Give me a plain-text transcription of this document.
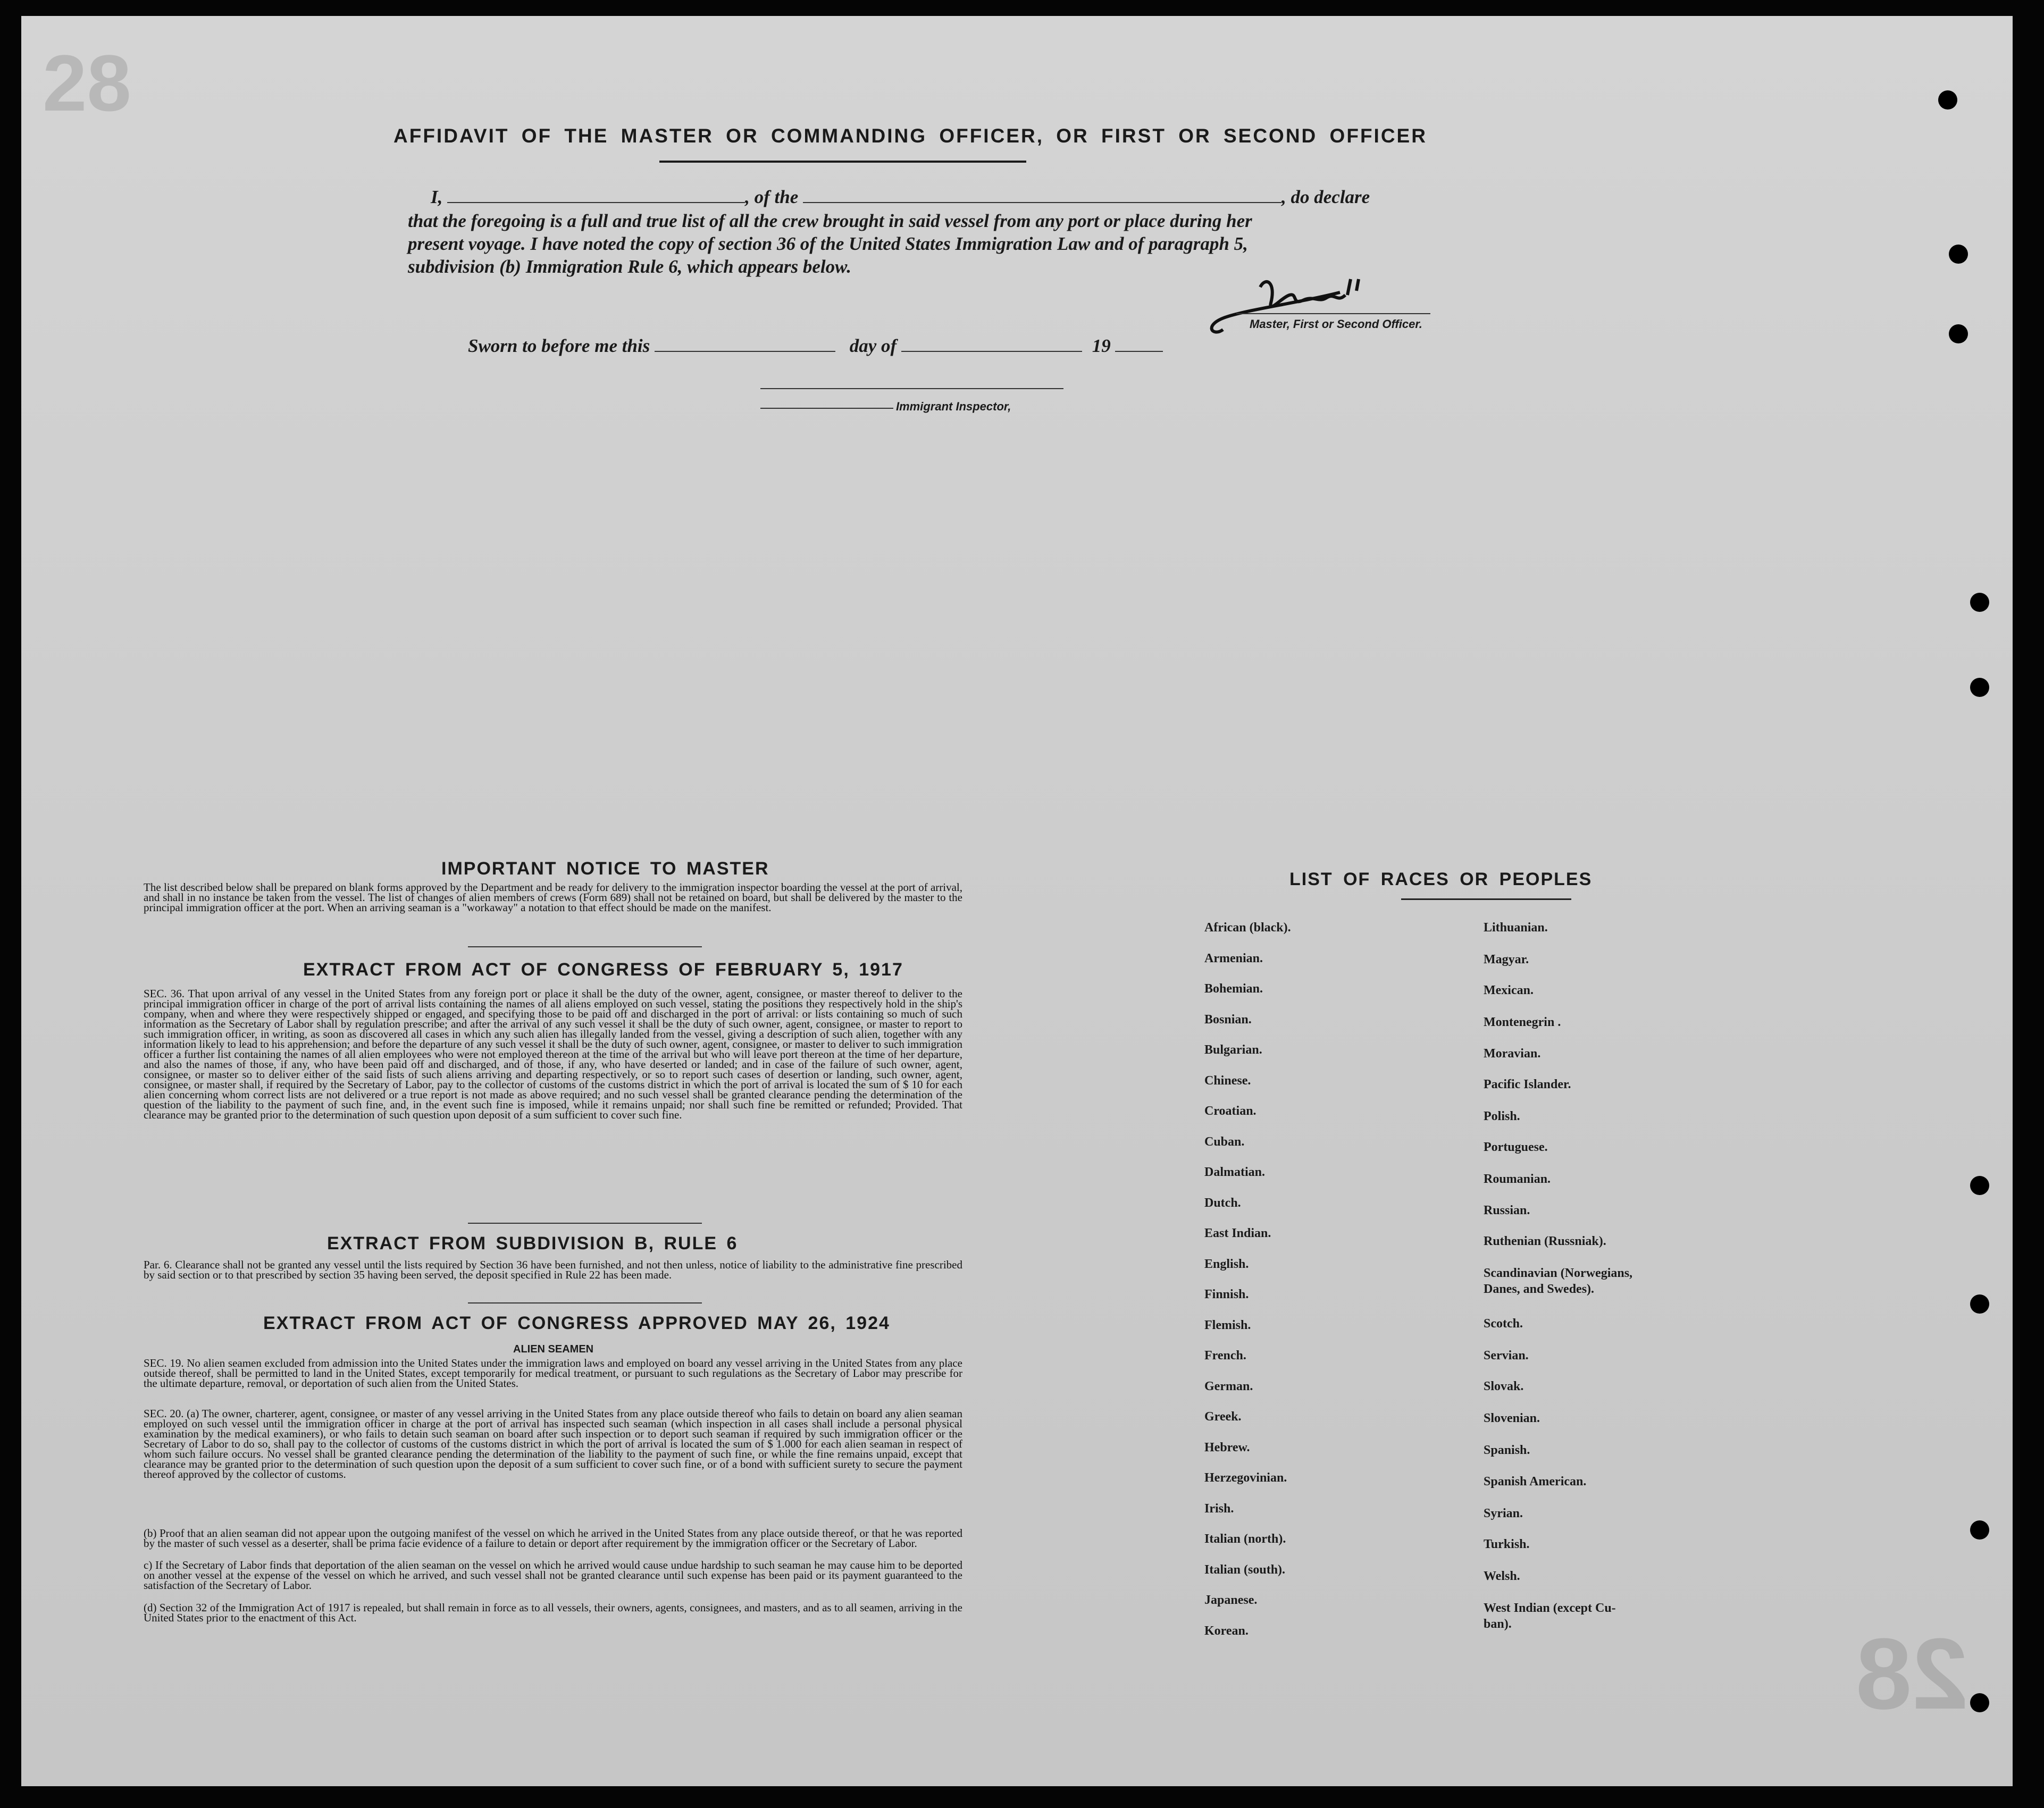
28
28
AFFIDAVIT OF THE MASTER OR COMMANDING OFFICER, OR FIRST OR SECOND OFFICER
I,	, of the	, do declare
that the foregoing is a full and true list of all the crew brought in said vessel from any port or place during her
present voyage. I have noted the copy of section 36 of the United States Immigration Law and of paragraph 5,
subdivision (b) Immigration Rule 6, which appears below.
Master, First or Second Officer.
Sworn to before me this	day of	19
Immigrant Inspector,
IMPORTANT NOTICE TO MASTER

The list described below shall be prepared on blank forms approved by the Department and be ready for delivery to the immigration inspector boarding the vessel at the port of arrival, and shall in no instance be taken from the vessel. The list of changes of alien members of crews (Form 689) shall not be retained on board, but shall be delivered by the master to the principal immigration officer at the port. When an arriving seaman is a "workaway" a notation to that effect should be made on the manifest.

EXTRACT FROM ACT OF CONGRESS OF FEBRUARY 5, 1917

SEC. 36. That upon arrival of any vessel in the United States from any foreign port or place it shall be the duty of the owner, agent, consignee, or master thereof to deliver to the principal immigration officer in charge of the port of arrival lists containing the names of all aliens employed on such vessel, stating the positions they respectively hold in the ship's company, when and where they were respectively shipped or engaged, and specifying those to be paid off and discharged in the port of arrival: or lists containing so much of such information as the Secretary of Labor shall by regulation prescribe; and after the arrival of any such vessel it shall be the duty of such owner, agent, consignee, or master to report to such immigration officer, in writing, as soon as discovered all cases in which any such alien has illegally landed from the vessel, giving a description of such alien, together with any information likely to lead to his apprehension; and before the departure of any such vessel it shall be the duty of such owner, agent, consignee, or master to deliver to such immigration officer a further list containing the names of all alien employees who were not employed thereon at the time of the arrival but who will leave port thereon at the time of her departure, and also the names of those, if any, who have been paid off and discharged, and of those, if any, who have deserted or landed; and in case of the failure of such owner, agent, consignee, or master so to deliver either of the said lists of such aliens arriving and departing respectively, or so to report such cases of desertion or landing, such owner, agent, consignee, or master shall, if required by the Secretary of Labor, pay to the collector of customs of the customs district in which the port of arrival is located the sum of $ 10 for each alien concerning whom correct lists are not delivered or a true report is not made as above required; and no such vessel shall be granted clearance pending the determination of the question of the liability to the payment of such fine, and, in the event such fine is imposed, while it remains unpaid; nor shall such fine be remitted or refunded; Provided. That clearance may be granted prior to the determination of such question upon deposit of a sum sufficient to cover such fine.

EXTRACT FROM SUBDIVISION B, RULE 6

Par. 6. Clearance shall not be granted any vessel until the lists required by Section 36 have been furnished, and not then unless, notice of liability to the administrative fine prescribed by said section or to that prescribed by section 35 having been served, the deposit specified in Rule 22 has been made.

EXTRACT FROM ACT OF CONGRESS APPROVED MAY 26, 1924
ALIEN SEAMEN

SEC. 19. No alien seamen excluded from admission into the United States under the immigration laws and employed on board any vessel arriving in the United States from any place outside thereof, shall be permitted to land in the United States, except temporarily for medical treatment, or pursuant to such regulations as the Secretary of Labor may prescribe for the ultimate departure, removal, or deportation of such alien from the United States.

SEC. 20. (a) The owner, charterer, agent, consignee, or master of any vessel arriving in the United States from any place outside thereof who fails to detain on board any alien seaman employed on such vessel until the immigration officer in charge at the port of arrival has inspected such seaman (which inspection in all cases shall include a personal physical examination by the medical examiners), or who fails to detain such seaman on board after such inspection or to deport such seaman if required by such immigration officer or the Secretary of Labor to do so, shall pay to the collector of customs of the customs district in which the port of arrival is located the sum of $ 1.000 for each alien seaman in respect of whom such failure occurs. No vessel shall be granted clearance pending the determination of the liability to the payment of such fine, or while the fine remains unpaid, except that clearance may be granted prior to the determination of such question upon the deposit of a sum sufficient to cover such fine, or of a bond with sufficient surety to secure the payment thereof approved by the collector of customs.

(b) Proof that an alien seaman did not appear upon the outgoing manifest of the vessel on which he arrived in the United States from any place outside thereof, or that he was reported by the master of such vessel as a deserter, shall be prima facie evidence of a failure to detain or deport after requirement by the immigration officer or the Secretary of Labor.

c) If the Secretary of Labor finds that deportation of the alien seaman on the vessel on which he arrived would cause undue hardship to such seaman he may cause him to be deported on another vessel at the expense of the vessel on which he arrived, and such vessel shall not be granted clearance until such expense has been paid or its payment guaranteed to the satisfaction of the Secretary of Labor.

(d) Section 32 of the Immigration Act of 1917 is repealed, but shall remain in force as to all vessels, their owners, agents, consignees, and masters, and as to all seamen, arriving in the United States prior to the enactment of this Act.

LIST OF RACES OR PEOPLES
African (black).
Armenian.
Bohemian.
Bosnian.
Bulgarian.
Chinese.
Croatian.
Cuban.
Dalmatian.
Dutch.
East Indian.
English.
Finnish.
Flemish.
French.
German.
Greek.
Hebrew.
Herzegovinian.
Irish.
Italian (north).
Italian (south).
Japanese.
Korean.
Lithuanian.
Magyar.
Mexican.
Montenegrin .
Moravian.
Pacific Islander.
Polish.
Portuguese.
Roumanian.
Russian.
Ruthenian (Russniak).
Scandinavian (Norwegians,
Danes, and Swedes).
Scotch.
Servian.
Slovak.
Slovenian.
Spanish.
Spanish American.
Syrian.
Turkish.
Welsh.
West Indian (except Cu-
ban).
